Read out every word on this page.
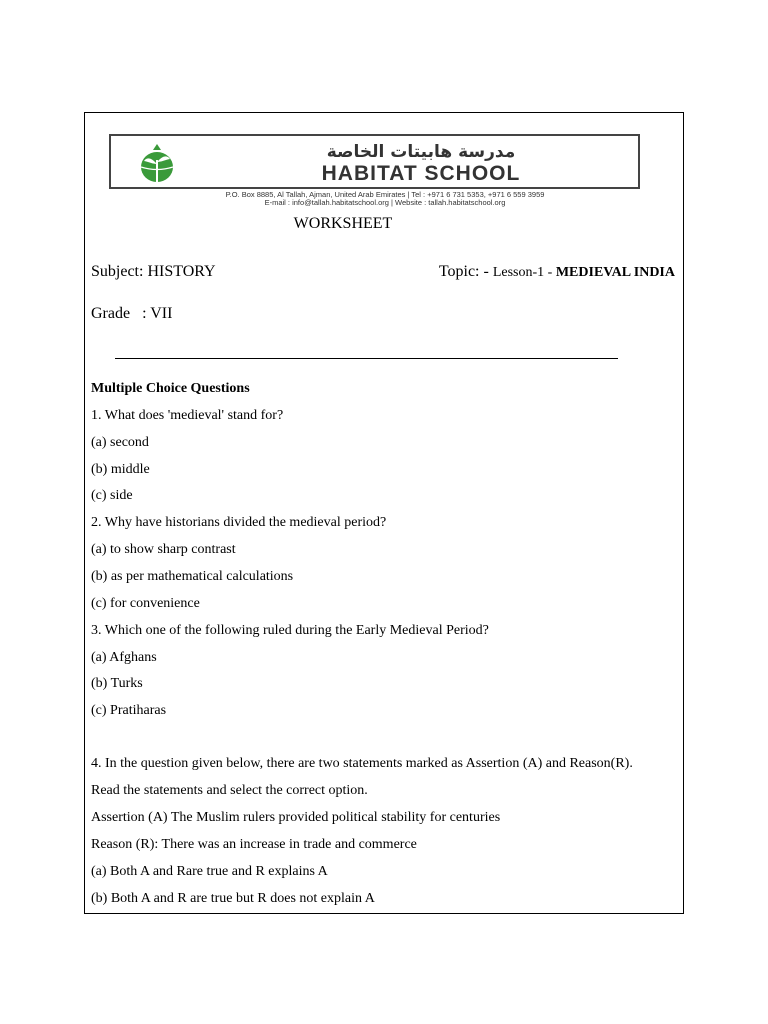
مدرسة هابيتات الخاصة
HABITAT SCHOOL
P.O. Box 8885, Al Tallah, Ajman, United Arab Emirates | Tel : +971 6 731 5353, +971 6 559 3959
E-mail : info@tallah.habitatschool.org | Website : tallah.habitatschool.org
WORKSHEET
Subject: HISTORY	Topic: - Lesson-1 - MEDIEVAL INDIA
Grade   : VII
Multiple Choice Questions
1. What does 'medieval' stand for?
(a) second
(b) middle
(c) side
2. Why have historians divided the medieval period?
(a) to show sharp contrast
(b) as per mathematical calculations
(c) for convenience
3. Which one of the following ruled during the Early Medieval Period?
(a) Afghans
(b) Turks
(c) Pratiharas
4. In the question given below, there are two statements marked as Assertion (A) and Reason(R).
Read the statements and select the correct option.
Assertion (A) The Muslim rulers provided political stability for centuries
Reason (R): There was an increase in trade and commerce
(a) Both A and Rare true and R explains A
(b) Both A and R are true but R does not explain A
